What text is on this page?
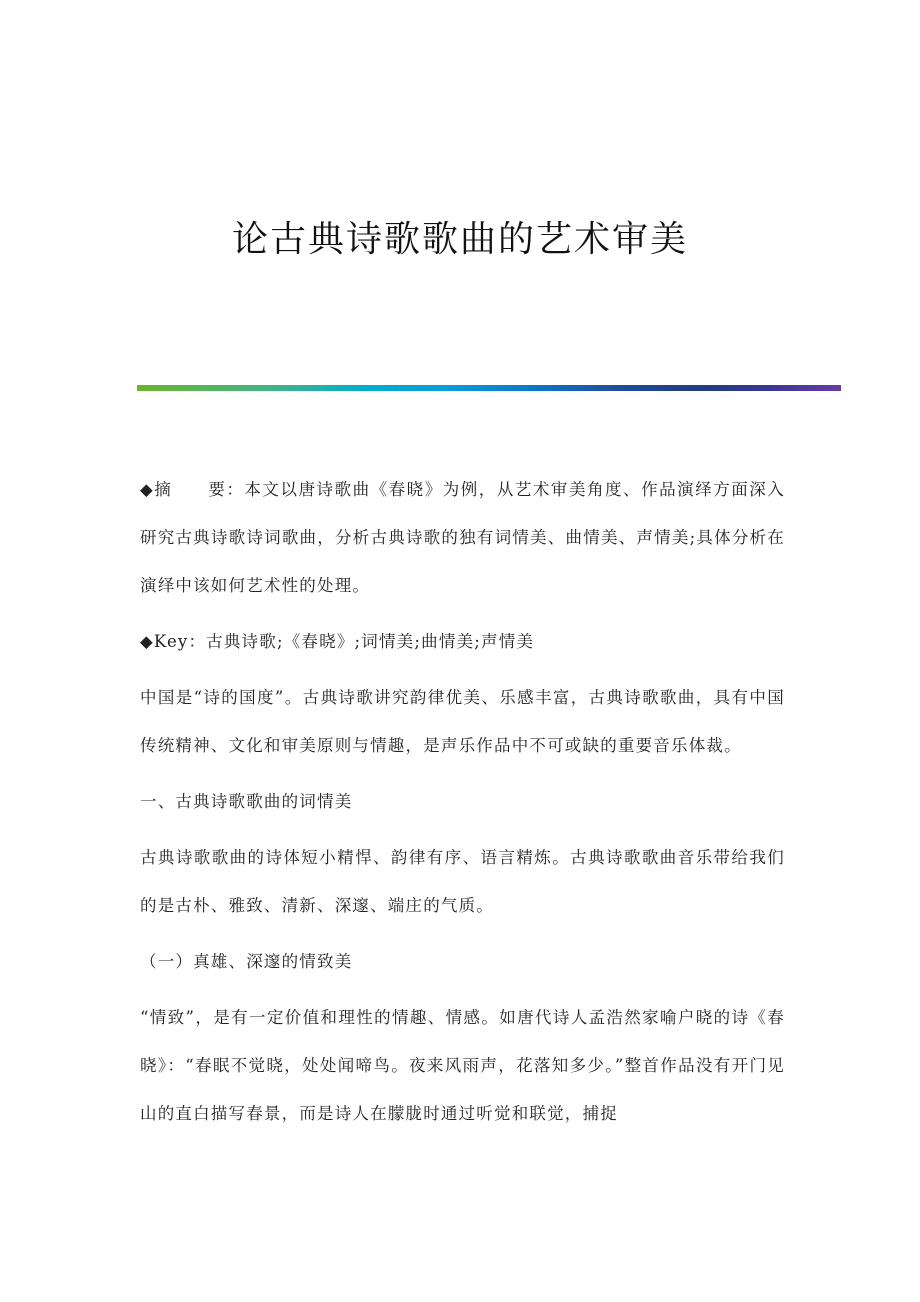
论古典诗歌歌曲的艺术审美

◆摘　　要：本文以唐诗歌曲《春晓》为例，从艺术审美角度、作品演绎方面深入研究古典诗歌诗词歌曲，分析古典诗歌的独有词情美、曲情美、声情美;具体分析在演绎中该如何艺术性的处理。

◆Key：古典诗歌;《春晓》;词情美;曲情美;声情美

中国是“诗的国度”。古典诗歌讲究韵律优美、乐感丰富，古典诗歌歌曲，具有中国传统精神、文化和审美原则与情趣，是声乐作品中不可或缺的重要音乐体裁。

一、古典诗歌歌曲的词情美

古典诗歌歌曲的诗体短小精悍、韵律有序、语言精炼。古典诗歌歌曲音乐带给我们的是古朴、雅致、清新、深邃、端庄的气质。

（一）真雄、深邃的情致美

“情致”，是有一定价值和理性的情趣、情感。如唐代诗人孟浩然家喻户晓的诗《春晓》：“春眠不觉晓，处处闻啼鸟。夜来风雨声，花落知多少。”整首作品没有开门见山的直白描写春景，而是诗人在朦胧时通过听觉和联觉，捕捉
